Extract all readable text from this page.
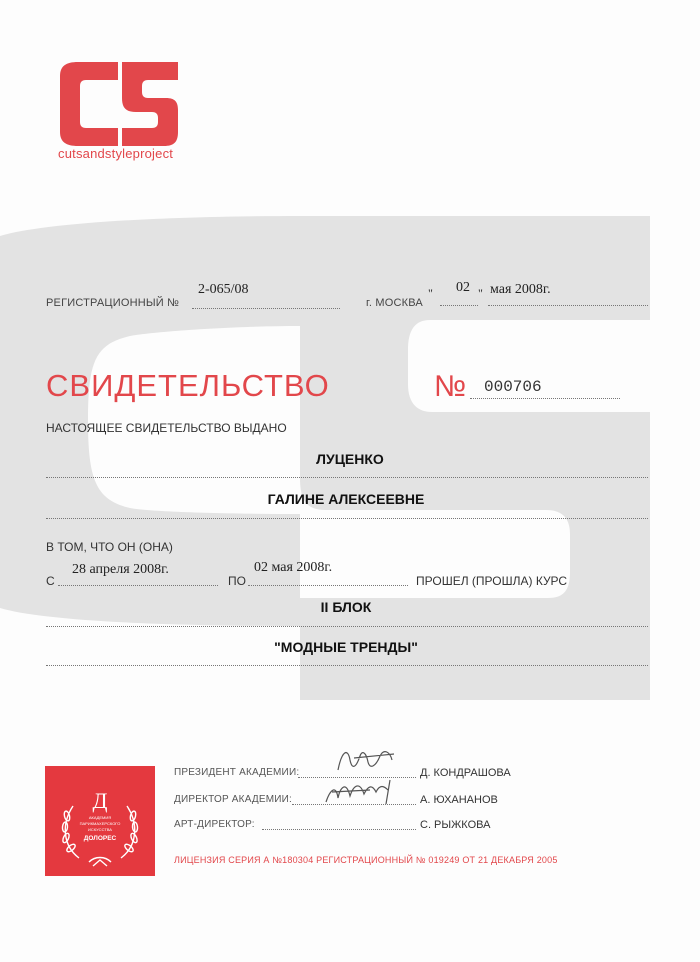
cutsandstyleproject
РЕГИСТРАЦИОННЫЙ №
2-065/08
г. МОСКВА
" 02 " мая 2008г.
СВИДЕТЕЛЬСТВО	№ 000706
НАСТОЯЩЕЕ СВИДЕТЕЛЬСТВО ВЫДАНО
ЛУЦЕНКО
ГАЛИНЕ АЛЕКСЕЕВНЕ
В ТОМ, ЧТО ОН (ОНА)
С
28 апреля 2008г.
ПО
02 мая 2008г.
ПРОШЕЛ (ПРОШЛА) КУРС
II БЛОК
"МОДНЫЕ ТРЕНДЫ"
Д
АКАДЕМИЯ
ПАРИКМАХЕРСКОГО
ИСКУССТВА
ДОЛОРЕС
ПРЕЗИДЕНТ АКАДЕМИИ:	Д. КОНДРАШОВА
ДИРЕКТОР АКАДЕМИИ:	А. ЮХАНАНОВ
АРТ-ДИРЕКТОР:	С. РЫЖКОВА
ЛИЦЕНЗИЯ СЕРИЯ А №180304 РЕГИСТРАЦИОННЫЙ № 019249 ОТ 21 ДЕКАБРЯ 2005
